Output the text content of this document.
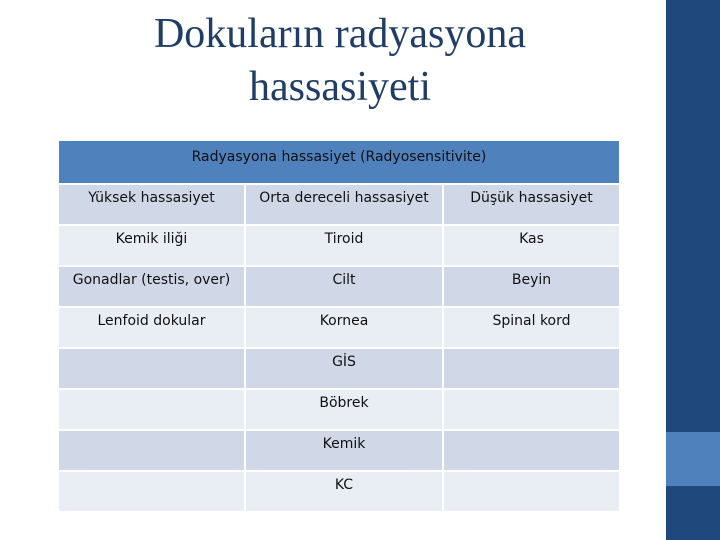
Dokuların radyasyona
hassasiyeti
Radyasyona hassasiyet (Radyosensitivite)		
Yüksek hassasiyet	Orta dereceli hassasiyet	Düşük hassasiyet
Kemik iliği	Tiroid	Kas
Gonadlar (testis, over)	Cilt	Beyin
Lenfoid dokular	Kornea	Spinal kord
	GİS	
	Böbrek	
	Kemik	
	KC	
